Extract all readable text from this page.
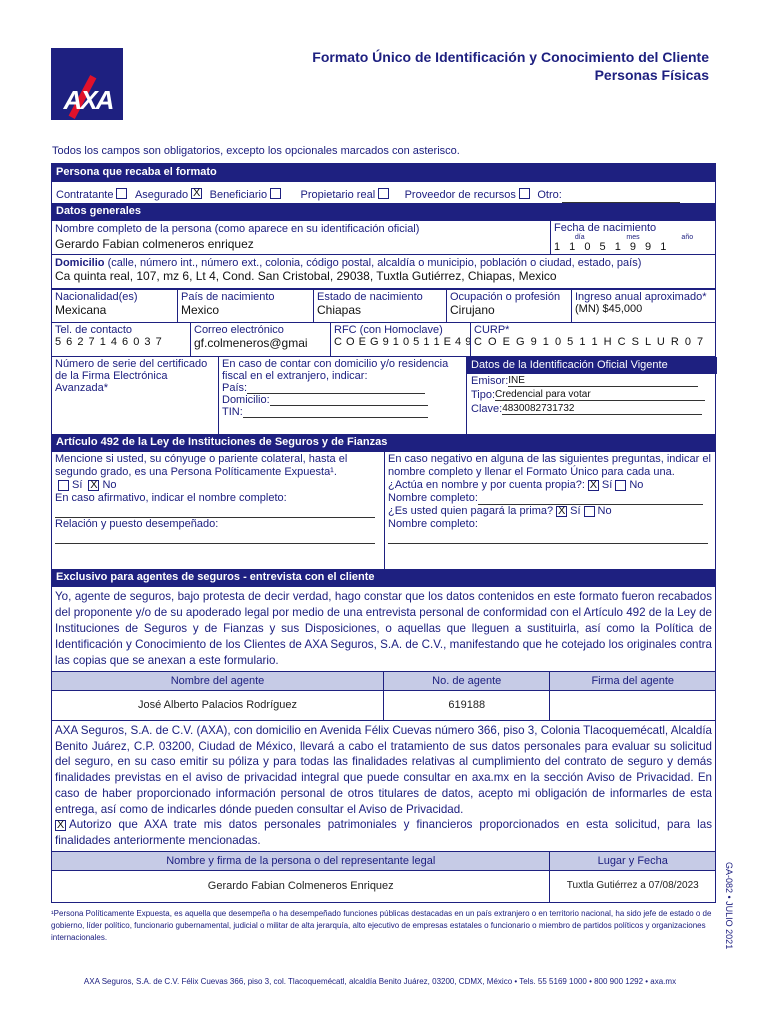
AXA
Formato Único de Identificación y Conocimiento del Cliente
Personas Físicas
Todos los campos son obligatorios, excepto los opcionales marcados con asterisco.
Persona que recaba el formato
Contratante Asegurado X Beneficiario	Propietario real	Proveedor de recursos Otro:
Datos generales
Nombre completo de la persona (como aparece en su identificación oficial)
Gerardo Fabian colmeneros enriquez
Fecha de nacimiento
día	mes	año
1 1 0 5 1 9 9 1
Domicilio (calle, número int., número ext., colonia, código postal, alcaldía o municipio, población o ciudad, estado, país)
Ca quinta real, 107, mz 6, Lt 4, Cond. San Cristobal, 29038, Tuxtla Gutiérrez, Chiapas, Mexico
Nacionalidad(es)
Mexicana
País de nacimiento
Mexico
Estado de nacimiento
Chiapas
Ocupación o profesión
Cirujano
Ingreso anual aproximado*
(MN) $45,000
Tel. de contacto
5 6 2 7 1 4 6 0 3 7
Correo electrónico
gf.colmeneros@gmai
RFC (con Homoclave)
C O E G 9 1 0 5 1 1 E 4 9
CURP*
C O E G 9 1 0 5 1 1 H C S L U R 0 7
Número de serie del certificado de la Firma Electrónica Avanzada*
En caso de contar con domicilio y/o residencia fiscal en el extranjero, indicar:
País:
Domicilio:
TIN:
Datos de la Identificación Oficial Vigente
Emisor:INE
Tipo:Credencial para votar
Clave:4830082731732
Artículo 492 de la Ley de Instituciones de Seguros y de Fianzas
Mencione si usted, su cónyuge o pariente colateral, hasta el segundo grado, es una Persona Políticamente Expuesta¹.
Sí X No
En caso afirmativo, indicar el nombre completo:
Relación y puesto desempeñado:
En caso negativo en alguna de las siguientes preguntas, indicar el nombre completo y llenar el Formato Único para cada una.
¿Actúa en nombre y por cuenta propia?: X Sí No
Nombre completo:
¿Es usted quien pagará la prima? X Sí No
Nombre completo:
Exclusivo para agentes de seguros - entrevista con el cliente
Yo, agente de seguros, bajo protesta de decir verdad, hago constar que los datos contenidos en este formato fueron recabados del proponente y/o de su apoderado legal por medio de una entrevista personal de conformidad con el Artículo 492 de la Ley de Instituciones de Seguros y de Fianzas y sus Disposiciones, o aquellas que lleguen a sustituirla, así como la Política de Identificación y Conocimiento de los Clientes de AXA Seguros, S.A. de C.V., manifestando que he cotejado los originales contra las copias que se anexan a este formulario.
Nombre del agente	No. de agente	Firma del agente
José Alberto Palacios Rodríguez	619188
AXA Seguros, S.A. de C.V. (AXA), con domicilio en Avenida Félix Cuevas número 366, piso 3, Colonia Tlacoquemécatl, Alcaldía Benito Juárez, C.P. 03200, Ciudad de México, llevará a cabo el tratamiento de sus datos personales para evaluar su solicitud del seguro, en su caso emitir su póliza y para todas las finalidades relativas al cumplimiento del contrato de seguro y demás finalidades previstas en el aviso de privacidad integral que puede consultar en axa.mx en la sección Aviso de Privacidad. En caso de haber proporcionado información personal de otros titulares de datos, acepto mi obligación de informarles de esta entrega, así como de indicarles dónde pueden consultar el Aviso de Privacidad.
X Autorizo que AXA trate mis datos personales patrimoniales y financieros proporcionados en esta solicitud, para las finalidades anteriormente mencionadas.
Nombre y firma de la persona o del representante legal	Lugar y Fecha
Gerardo Fabian Colmeneros Enriquez	Tuxtla Gutiérrez a 07/08/2023
¹Persona Políticamente Expuesta, es aquella que desempeña o ha desempeñado funciones públicas destacadas en un país extranjero o en territorio nacional, ha sido jefe de estado o de gobierno, líder político, funcionario gubernamental, judicial o militar de alta jerarquía, alto ejecutivo de empresas estatales o funcionario o miembro de partidos políticos y organizaciones internacionales.
AXA Seguros, S.A. de C.V. Félix Cuevas 366, piso 3, col. Tlacoquemécatl, alcaldía Benito Juárez, 03200, CDMX, México • Tels. 55 5169 1000 • 800 900 1292 • axa.mx
GA-082 • JULIO 2021
